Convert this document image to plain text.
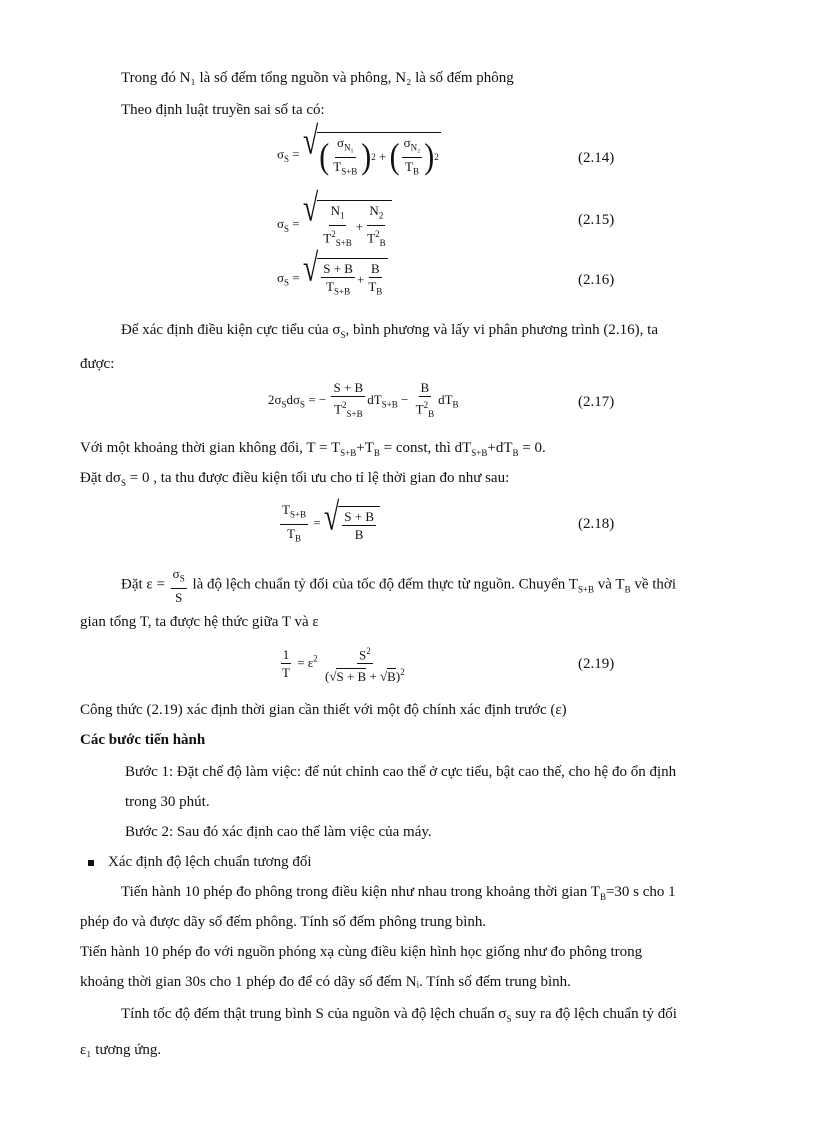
Trong đó N₁ là số đếm tổng nguồn và phông, N₂ là số đếm phông
Theo định luật truyền sai số ta có:
$\sigma_S$ = √ ( $\frac{\sigma_{N_1}}{T_{S+B}}$ ) 2 + ( $\frac{\sigma_{N_2}}{T_B}$ ) 2	(2.14)
$\sigma_S$ = √ $\frac{N_1}{T^2_{S+B}} + \frac{N_2}{T^2_B}$	(2.15)
$\sigma_S$ = √ $\frac{S + B}{T_{S+B}} + \frac{B}{T_B}$	(2.16)
Để xác định điều kiện cực tiểu của $\sigma_S$, bình phương và lấy vi phân phương trình (2.16), ta
được:
$2\sigma_Sd\sigma_S$ = − $\frac{S + B}{T^2_{S+B}} dT_{S+B} - \frac{B}{T^2_B} dT_B$	(2.17)
Với một khoảng thời gian không đổi, $T = T_{S+B}+T_B$ = const, thì $dT_{S+B}+dT_B = 0$.
Đặt $d\sigma_S = 0$ , ta thu được điều kiện tối ưu cho tỉ lệ thời gian đo như sau:
$\frac{T_{S+B}}{T_B}$ = √ $\frac{S + B}{B}$	(2.18)
Đặt $\varepsilon = \frac{\sigma_S}{S}$ là độ lệch chuẩn tỷ đối của tốc độ đếm thực từ nguồn. Chuyển $T_{S+B}$ và $T_B$ về thời
gian tổng T, ta được hệ thức giữa T và ε
$\frac{1}{T} = \varepsilon^2 \frac{S^2}{(√S + B + √B)^2}$	(2.19)
Công thức (2.19) xác định thời gian cần thiết với một độ chính xác định trước (ε)
Các bước tiến hành
Bước 1: Đặt chế độ làm việc: để nút chỉnh cao thế ở cực tiểu, bật cao thế, cho hệ đo ổn định
trong 30 phút.
Bước 2: Sau đó xác định cao thế làm việc của máy.
Xác định độ lệch chuẩn tương đối
Tiến hành 10 phép đo phông trong điều kiện như nhau trong khoảng thời gian $T_B=30$ s cho 1
phép đo và được dãy số đếm phông. Tính số đếm phông trung bình.
Tiến hành 10 phép đo với nguồn phóng xạ cùng điều kiện hình học giống như đo phông trong
khoảng thời gian 30s cho 1 phép đo để có dãy số đếm Nᵢ. Tính số đếm trung bình.
Tính tốc độ đếm thật trung bình S của nguồn và độ lệch chuẩn $\sigma_S$ suy ra độ lệch chuẩn tỷ đối
ε₁ tương ứng.
